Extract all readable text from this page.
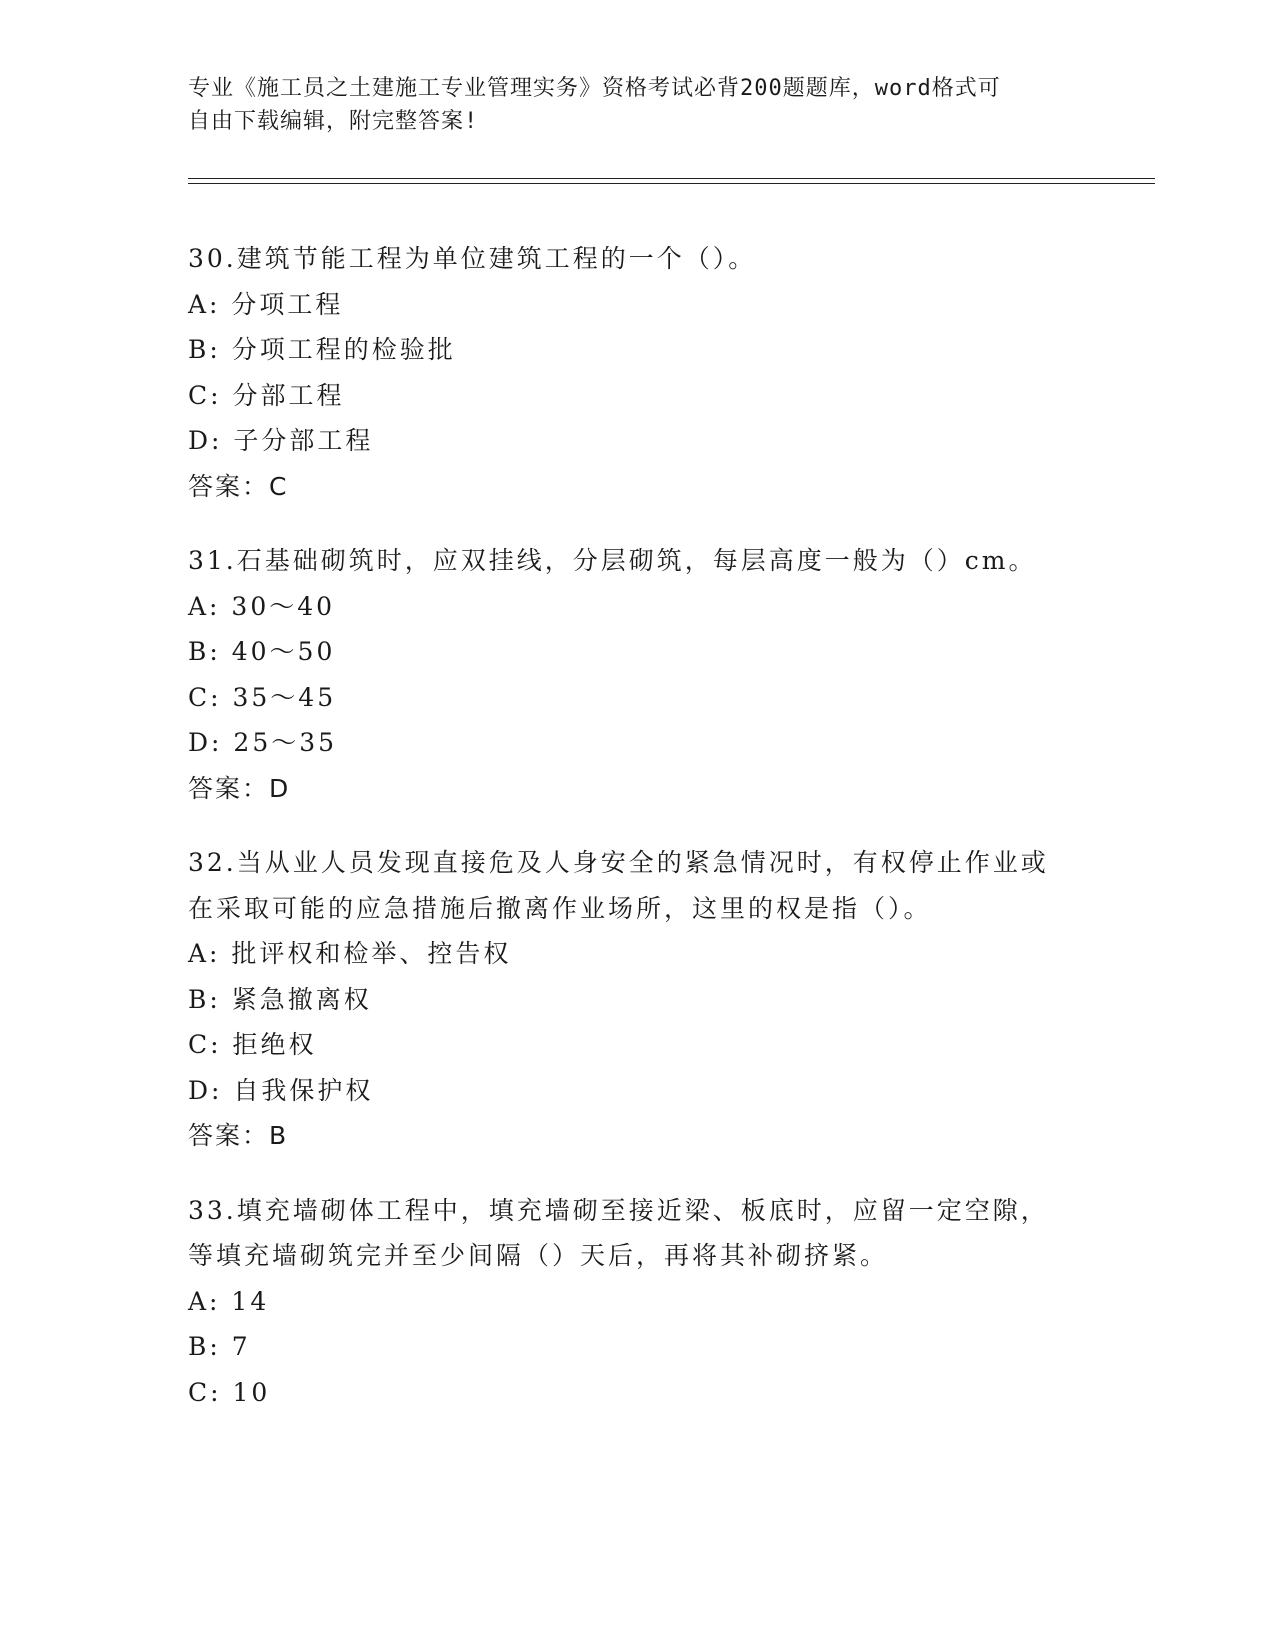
专业《施工员之土建施工专业管理实务》资格考试必背200题题库，word格式可
自由下载编辑，附完整答案!
30.建筑节能工程为单位建筑工程的一个（）。
A: 分项工程
B: 分项工程的检验批
C: 分部工程
D: 子分部工程
答案：C
31.石基础砌筑时，应双挂线，分层砌筑，每层高度一般为（）cm。
A: 30～40
B: 40～50
C: 35～45
D: 25～35
答案：D
32.当从业人员发现直接危及人身安全的紧急情况时，有权停止作业或
在采取可能的应急措施后撤离作业场所，这里的权是指（）。
A: 批评权和检举、控告权
B: 紧急撤离权
C: 拒绝权
D: 自我保护权
答案：B
33.填充墙砌体工程中，填充墙砌至接近梁、板底时，应留一定空隙，
等填充墙砌筑完并至少间隔（）天后，再将其补砌挤紧。
A: 14
B: 7
C: 10
